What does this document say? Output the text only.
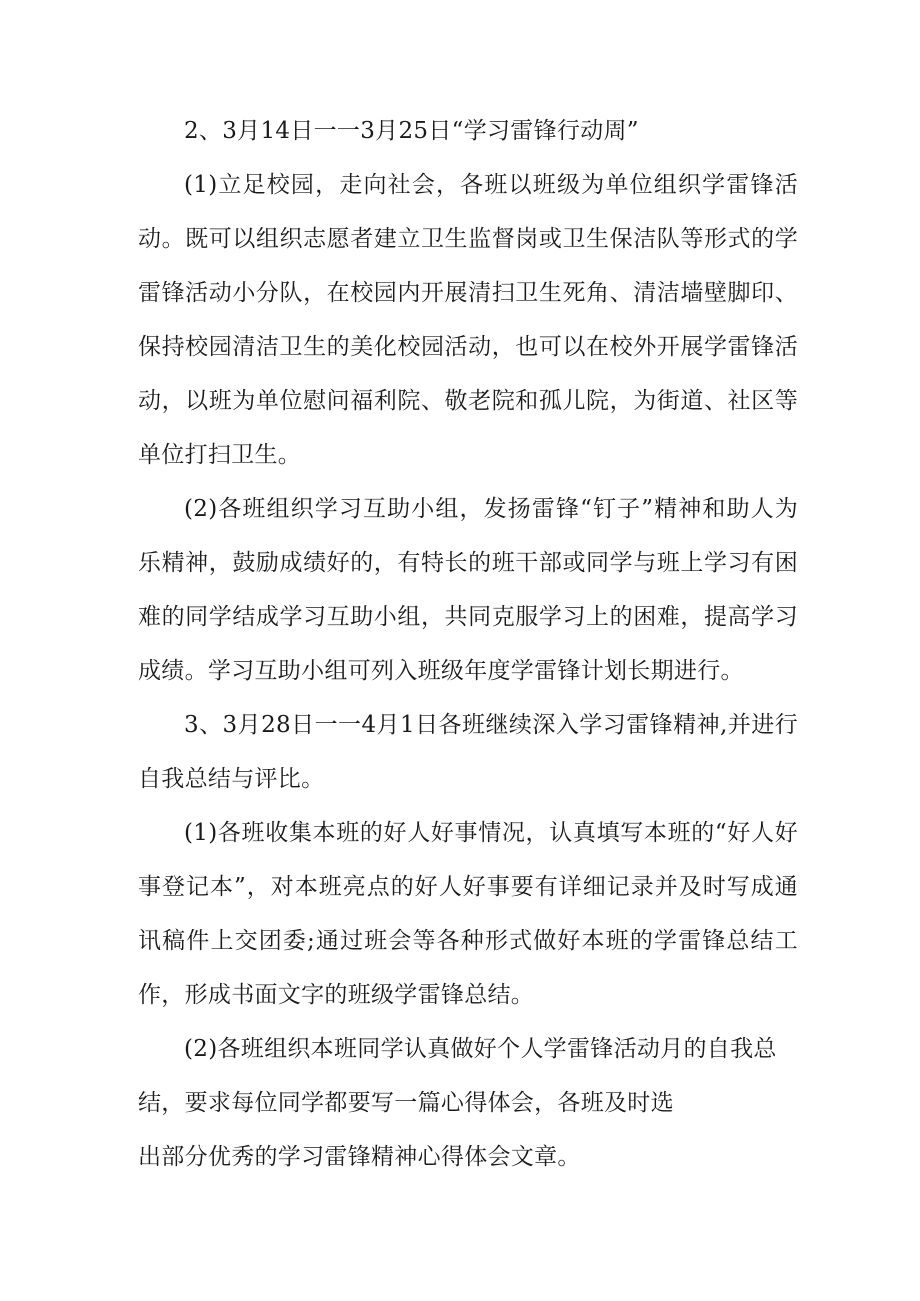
2、3月14日一一3月25日“学习雷锋行动周”

(1)立足校园，走向社会，各班以班级为单位组织学雷锋活动。既可以组织志愿者建立卫生监督岗或卫生保洁队等形式的学雷锋活动小分队，在校园内开展清扫卫生死角、清洁墙壁脚印、保持校园清洁卫生的美化校园活动，也可以在校外开展学雷锋活动，以班为单位慰问福利院、敬老院和孤儿院，为街道、社区等单位打扫卫生。

(2)各班组织学习互助小组，发扬雷锋“钉子”精神和助人为乐精神，鼓励成绩好的，有特长的班干部或同学与班上学习有困难的同学结成学习互助小组，共同克服学习上的困难，提高学习成绩。学习互助小组可列入班级年度学雷锋计划长期进行。

3、3月28日一一4月1日各班继续深入学习雷锋精神,并进行自我总结与评比。

(1)各班收集本班的好人好事情况，认真填写本班的“好人好事登记本”，对本班亮点的好人好事要有详细记录并及时写成通讯稿件上交团委;通过班会等各种形式做好本班的学雷锋总结工作，形成书面文字的班级学雷锋总结。

(2)各班组织本班同学认真做好个人学雷锋活动月的自我总结，要求每位同学都要写一篇心得体会，各班及时选
出部分优秀的学习雷锋精神心得体会文章。
